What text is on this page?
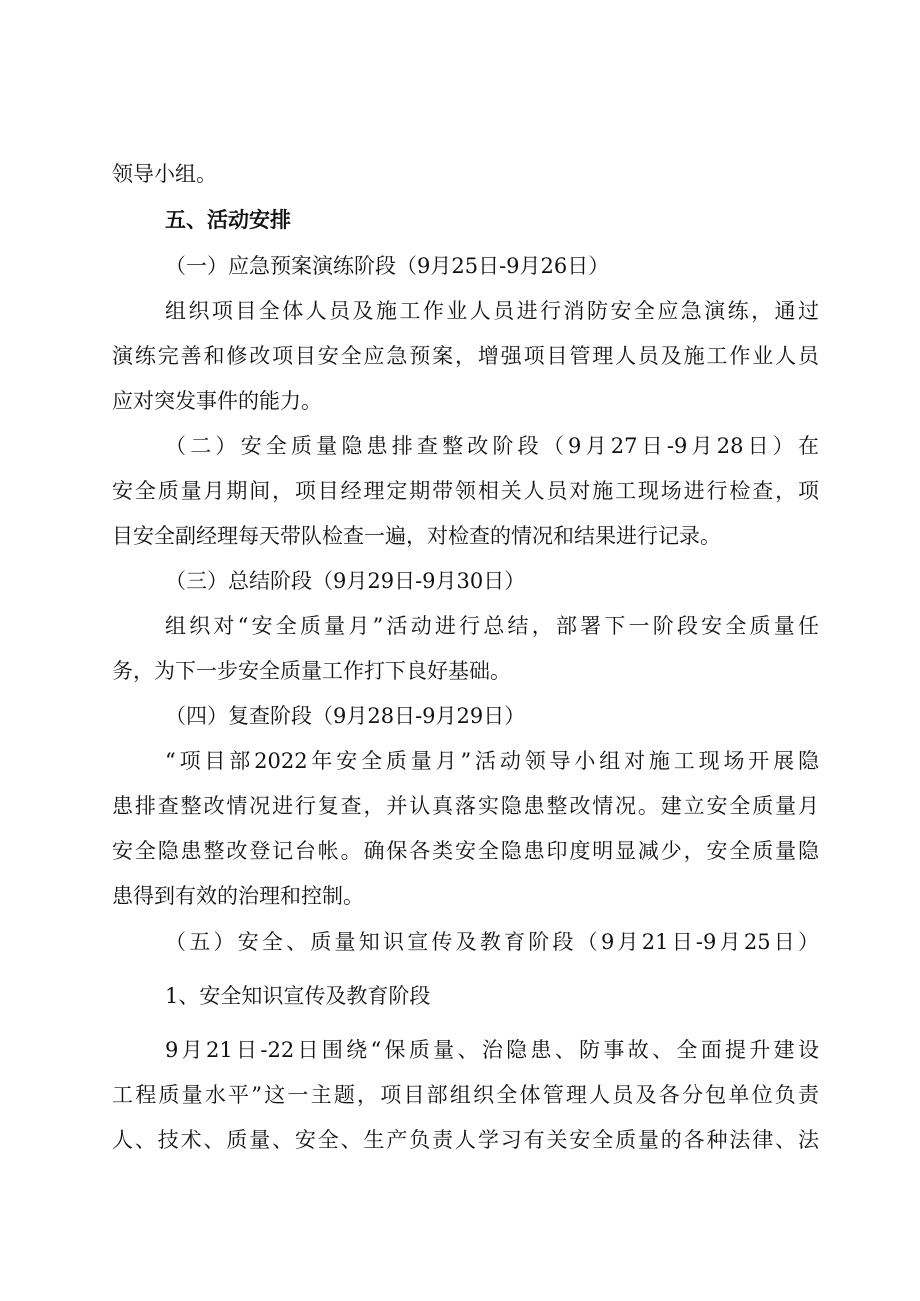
领导小组。
五、活动安排
（一）应急预案演练阶段（9月25日-9月26日）
组织项目全体人员及施工作业人员进行消防安全应急演练，通过
演练完善和修改项目安全应急预案，增强项目管理人员及施工作业人员
应对突发事件的能力。
（二）安全质量隐患排查整改阶段（9月27日-9月28日）在
安全质量月期间，项目经理定期带领相关人员对施工现场进行检查，项
目安全副经理每天带队检查一遍，对检查的情况和结果进行记录。
（三）总结阶段（9月29日-9月30日）
组织对“安全质量月”活动进行总结，部署下一阶段安全质量任
务，为下一步安全质量工作打下良好基础。
（四）复查阶段（9月28日-9月29日）
“项目部2022年安全质量月”活动领导小组对施工现场开展隐
患排查整改情况进行复查，并认真落实隐患整改情况。建立安全质量月
安全隐患整改登记台帐。确保各类安全隐患印度明显减少，安全质量隐
患得到有效的治理和控制。
（五）安全、质量知识宣传及教育阶段（9月21日-9月25日）
1、安全知识宣传及教育阶段
9月21日-22日围绕“保质量、治隐患、防事故、全面提升建设
工程质量水平”这一主题，项目部组织全体管理人员及各分包单位负责
人、技术、质量、安全、生产负责人学习有关安全质量的各种法律、法
